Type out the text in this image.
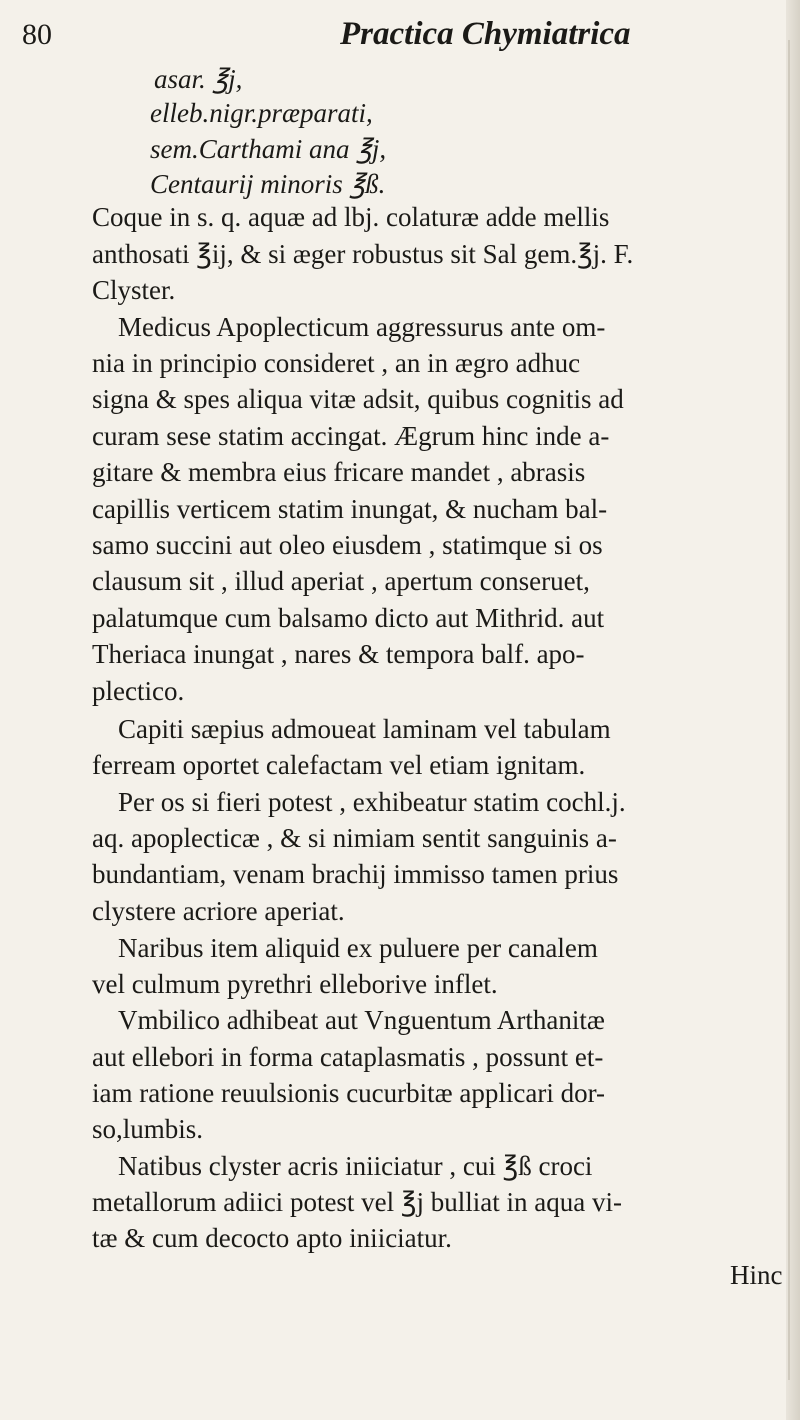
80	Practica Chymiatrica
asar. ℥j,
elleb.nigr.præparati,
sem.Carthami ana ℥j,
Centaurij minoris ℥ß.
Coque in s. q. aquæ ad lbj. colaturæ adde mellis
anthosati ℥ij, & si æger robustus sit Sal gem.℥j. F.
Clyster.
Medicus Apoplecticum aggressurus ante om-
nia in principio consideret , an in ægro adhuc
signa & spes aliqua vitæ adsit, quibus cognitis ad
curam sese statim accingat. Ægrum hinc inde a-
gitare & membra eius fricare mandet , abrasis
capillis verticem statim inungat, & nucham bal-
samo succini aut oleo eiusdem , statimque si os
clausum sit , illud aperiat , apertum conseruet,
palatumque cum balsamo dicto aut Mithrid. aut
Theriaca inungat , nares & tempora balf. apo-
plectico.
Capiti sæpius admoueat laminam vel tabulam
ferream oportet calefactam vel etiam ignitam.
Per os si fieri potest , exhibeatur statim cochl.j.
aq. apoplecticæ , & si nimiam sentit sanguinis a-
bundantiam, venam brachij immisso tamen prius
clystere acriore aperiat.
Naribus item aliquid ex puluere per canalem
vel culmum pyrethri elleborive inflet.
Vmbilico adhibeat aut Vnguentum Arthanitæ
aut ellebori in forma cataplasmatis , possunt et-
iam ratione reuulsionis cucurbitæ applicari dor-
so,lumbis.
Natibus clyster acris iniiciatur , cui ℥ß croci
metallorum adiici potest vel ℥j bulliat in aqua vi-
tæ & cum decocto apto iniiciatur.
Hinc
